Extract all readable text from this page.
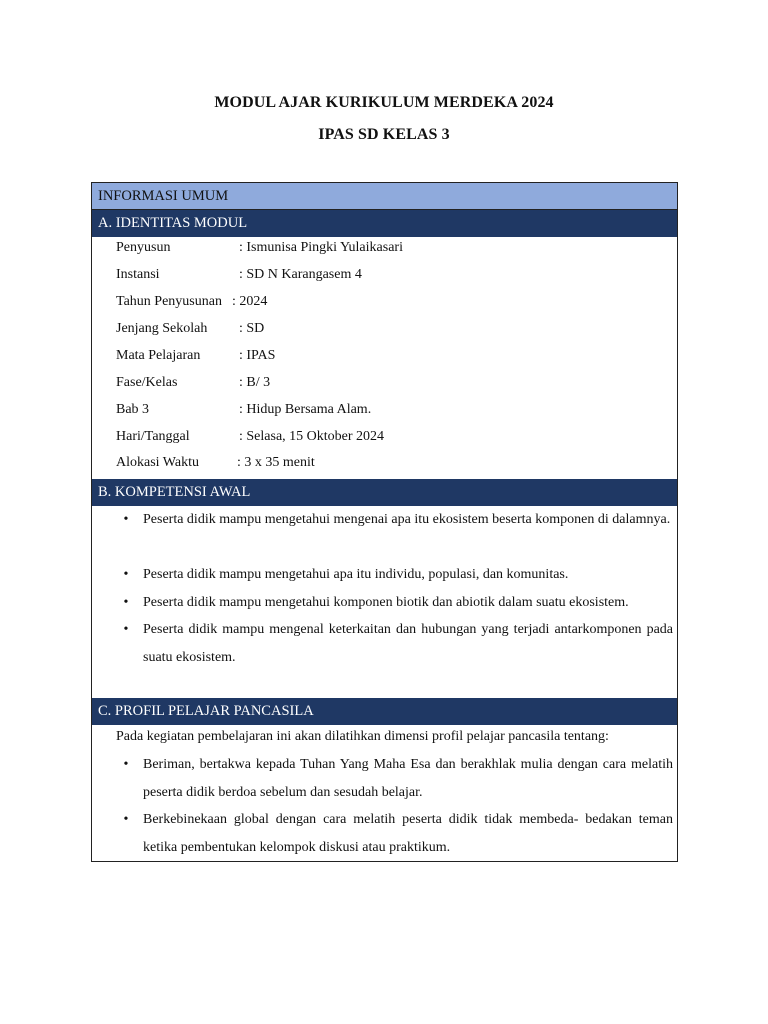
MODUL AJAR KURIKULUM MERDEKA 2024
IPAS SD KELAS 3
INFORMASI UMUM
A. IDENTITAS MODUL
Penyusun	: Ismunisa Pingki Yulaikasari
Instansi	: SD N Karangasem 4
Tahun Penyusunan : 2024
Jenjang Sekolah : SD
Mata Pelajaran	: IPAS
Fase/Kelas	: B/ 3
Bab 3	: Hidup Bersama Alam.
Hari/Tanggal	: Selasa, 15 Oktober 2024
Alokasi Waktu	: 3 x 35 menit
B. KOMPETENSI AWAL
• Peserta didik mampu mengetahui mengenai apa itu ekosistem beserta komponen di dalamnya.
• Peserta didik mampu mengetahui apa itu individu, populasi, dan komunitas.
• Peserta didik mampu mengetahui komponen biotik dan abiotik dalam suatu ekosistem.
• Peserta didik mampu mengenal keterkaitan dan hubungan yang terjadi antarkomponen pada suatu ekosistem.
C. PROFIL PELAJAR PANCASILA
Pada kegiatan pembelajaran ini akan dilatihkan dimensi profil pelajar pancasila tentang:
• Beriman, bertakwa kepada Tuhan Yang Maha Esa dan berakhlak mulia dengan cara melatih peserta didik berdoa sebelum dan sesudah belajar.
• Berkebinekaan global dengan cara melatih peserta didik tidak membeda- bedakan teman ketika pembentukan kelompok diskusi atau praktikum.
